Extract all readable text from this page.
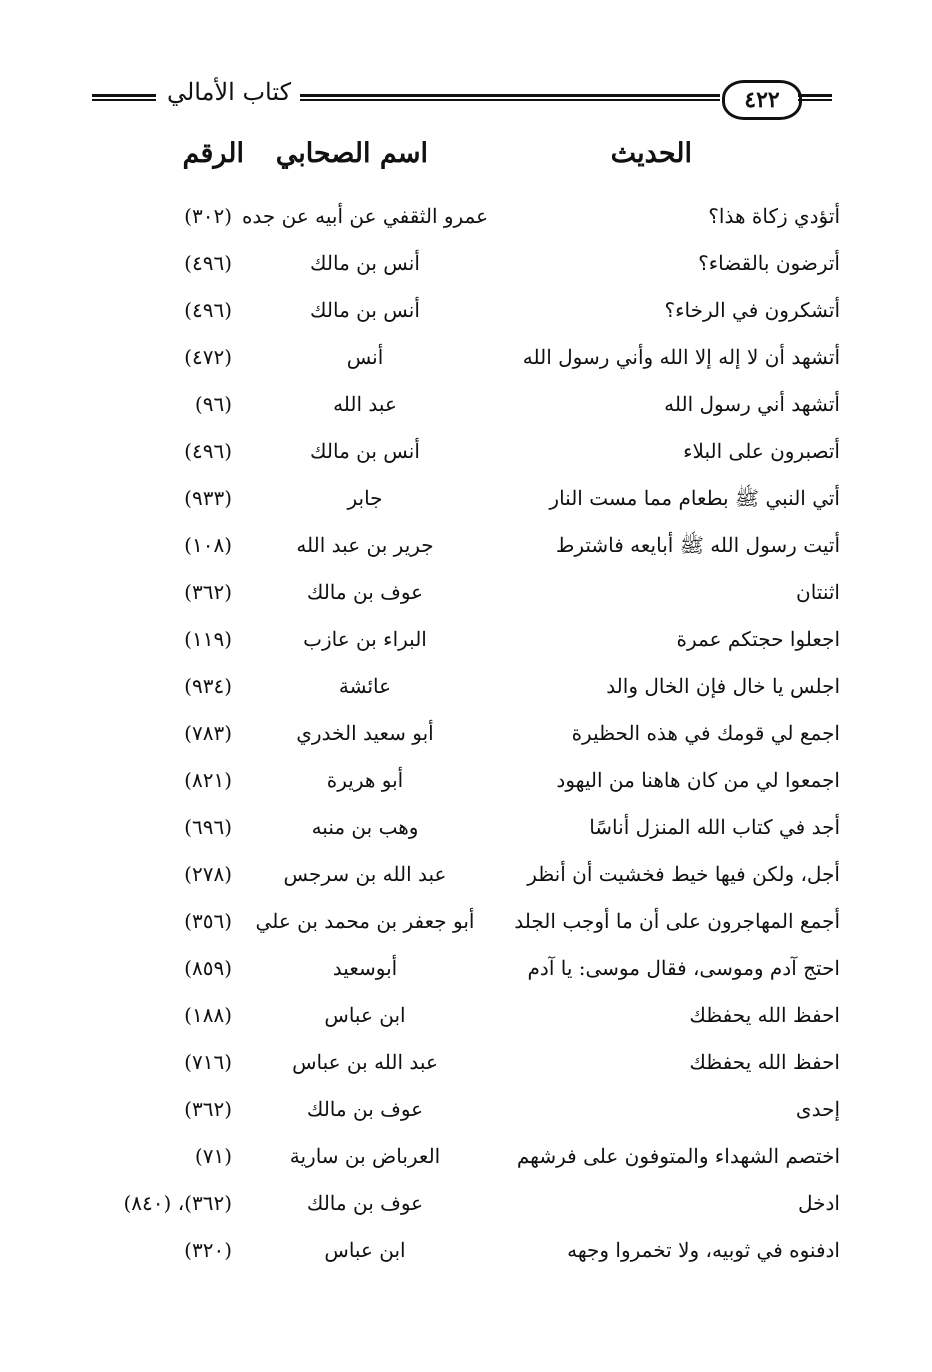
كتاب الأمالي	٤٢٢
الحديث
اسم الصحابي
الرقم
أتؤدي زكاة هذا؟
عمرو الثقفي عن أبيه عن جده
(٣٠٢)
أترضون بالقضاء؟
أنس بن مالك
(٤٩٦)
أتشكرون في الرخاء؟
أنس بن مالك
(٤٩٦)
أتشهد أن لا إله إلا الله وأني رسول الله
أنس
(٤٧٢)
أتشهد أني رسول الله
عبد الله
(٩٦)
أتصبرون على البلاء
أنس بن مالك
(٤٩٦)
أتي النبي ﷺ بطعام مما مست النار
جابر
(٩٣٣)
أتيت رسول الله ﷺ أبايعه فاشترط
جرير بن عبد الله
(١٠٨)
اثنتان
عوف بن مالك
(٣٦٢)
اجعلوا حجتكم عمرة
البراء بن عازب
(١١٩)
اجلس يا خال فإن الخال والد
عائشة
(٩٣٤)
اجمع لي قومك في هذه الحظيرة
أبو سعيد الخدري
(٧٨٣)
اجمعوا لي من كان هاهنا من اليهود
أبو هريرة
(٨٢١)
أجد في كتاب الله المنزل أناسًا
وهب بن منبه
(٦٩٦)
أجل، ولكن فيها خيط فخشيت أن أنظر
عبد الله بن سرجس
(٢٧٨)
أجمع المهاجرون على أن ما أوجب الجلد
أبو جعفر بن محمد بن علي
(٣٥٦)
احتج آدم وموسى، فقال موسى: يا آدم
أبوسعيد
(٨٥٩)
احفظ الله يحفظك
ابن عباس
(١٨٨)
احفظ الله يحفظك
عبد الله بن عباس
(٧١٦)
إحدى
عوف بن مالك
(٣٦٢)
اختصم الشهداء والمتوفون على فرشهم
العرباض بن سارية
(٧١)
ادخل
عوف بن مالك
(٣٦٢)، (٨٤٠)
ادفنوه في ثوبيه، ولا تخمروا وجهه
ابن عباس
(٣٢٠)
